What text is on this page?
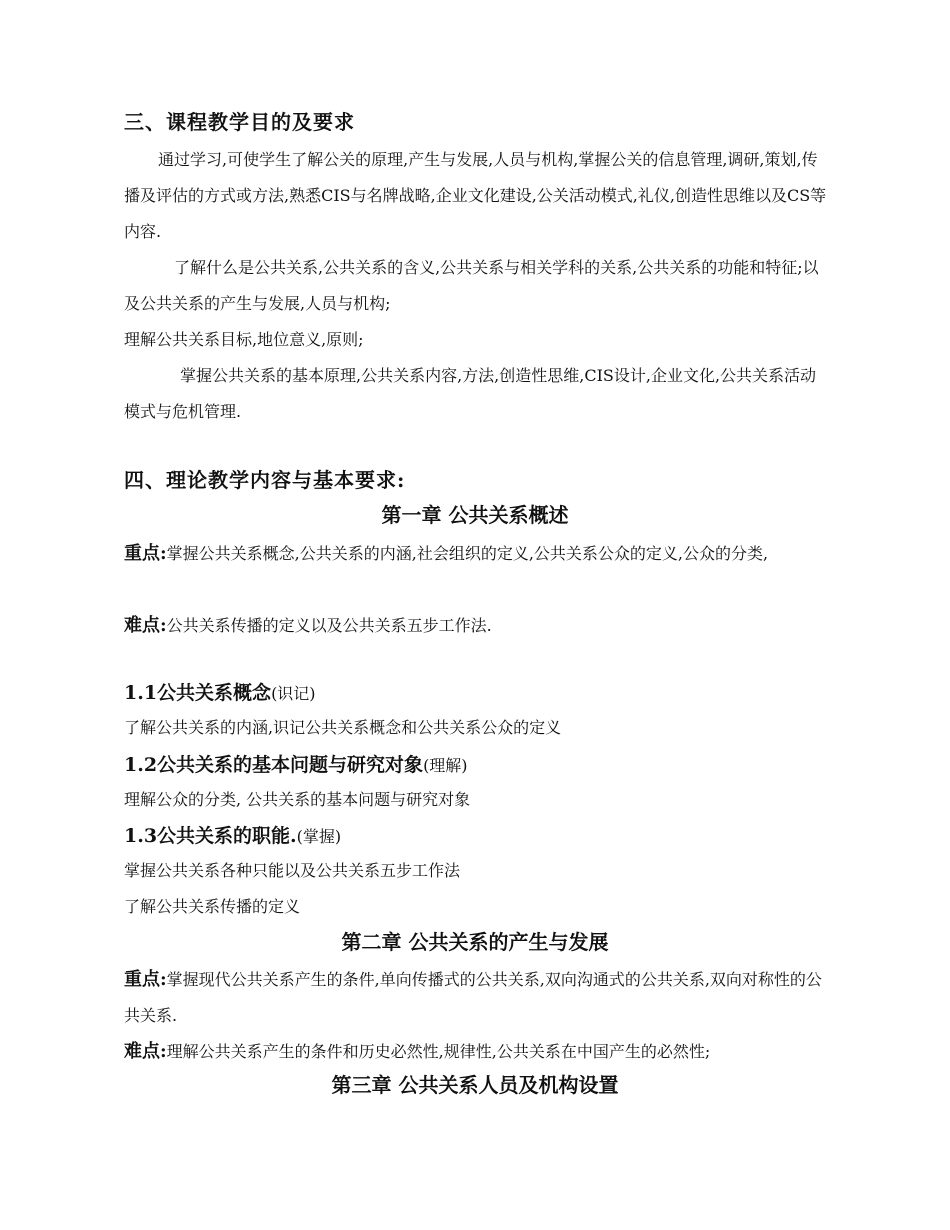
三、课程教学目的及要求
通过学习,可使学生了解公关的原理,产生与发展,人员与机构,掌握公关的信息管理,调研,策划,传播及评估的方式或方法,熟悉CIS与名牌战略,企业文化建设,公关活动模式,礼仪,创造性思维以及CS等内容.
了解什么是公共关系,公共关系的含义,公共关系与相关学科的关系,公共关系的功能和特征;以及公共关系的产生与发展,人员与机构;
理解公共关系目标,地位意义,原则;
掌握公共关系的基本原理,公共关系内容,方法,创造性思维,CIS设计,企业文化,公共关系活动模式与危机管理.
四、理论教学内容与基本要求:
第一章 公共关系概述
重点:掌握公共关系概念,公共关系的内涵,社会组织的定义,公共关系公众的定义,公众的分类,
难点:公共关系传播的定义以及公共关系五步工作法.
1.1公共关系概念(识记)
了解公共关系的内涵,识记公共关系概念和公共关系公众的定义
1.2公共关系的基本问题与研究对象(理解)
理解公众的分类, 公共关系的基本问题与研究对象
1.3公共关系的职能.(掌握)
掌握公共关系各种只能以及公共关系五步工作法
了解公共关系传播的定义
第二章 公共关系的产生与发展
重点:掌握现代公共关系产生的条件,单向传播式的公共关系,双向沟通式的公共关系,双向对称性的公共关系.
难点:理解公共关系产生的条件和历史必然性,规律性,公共关系在中国产生的必然性;
第三章 公共关系人员及机构设置
